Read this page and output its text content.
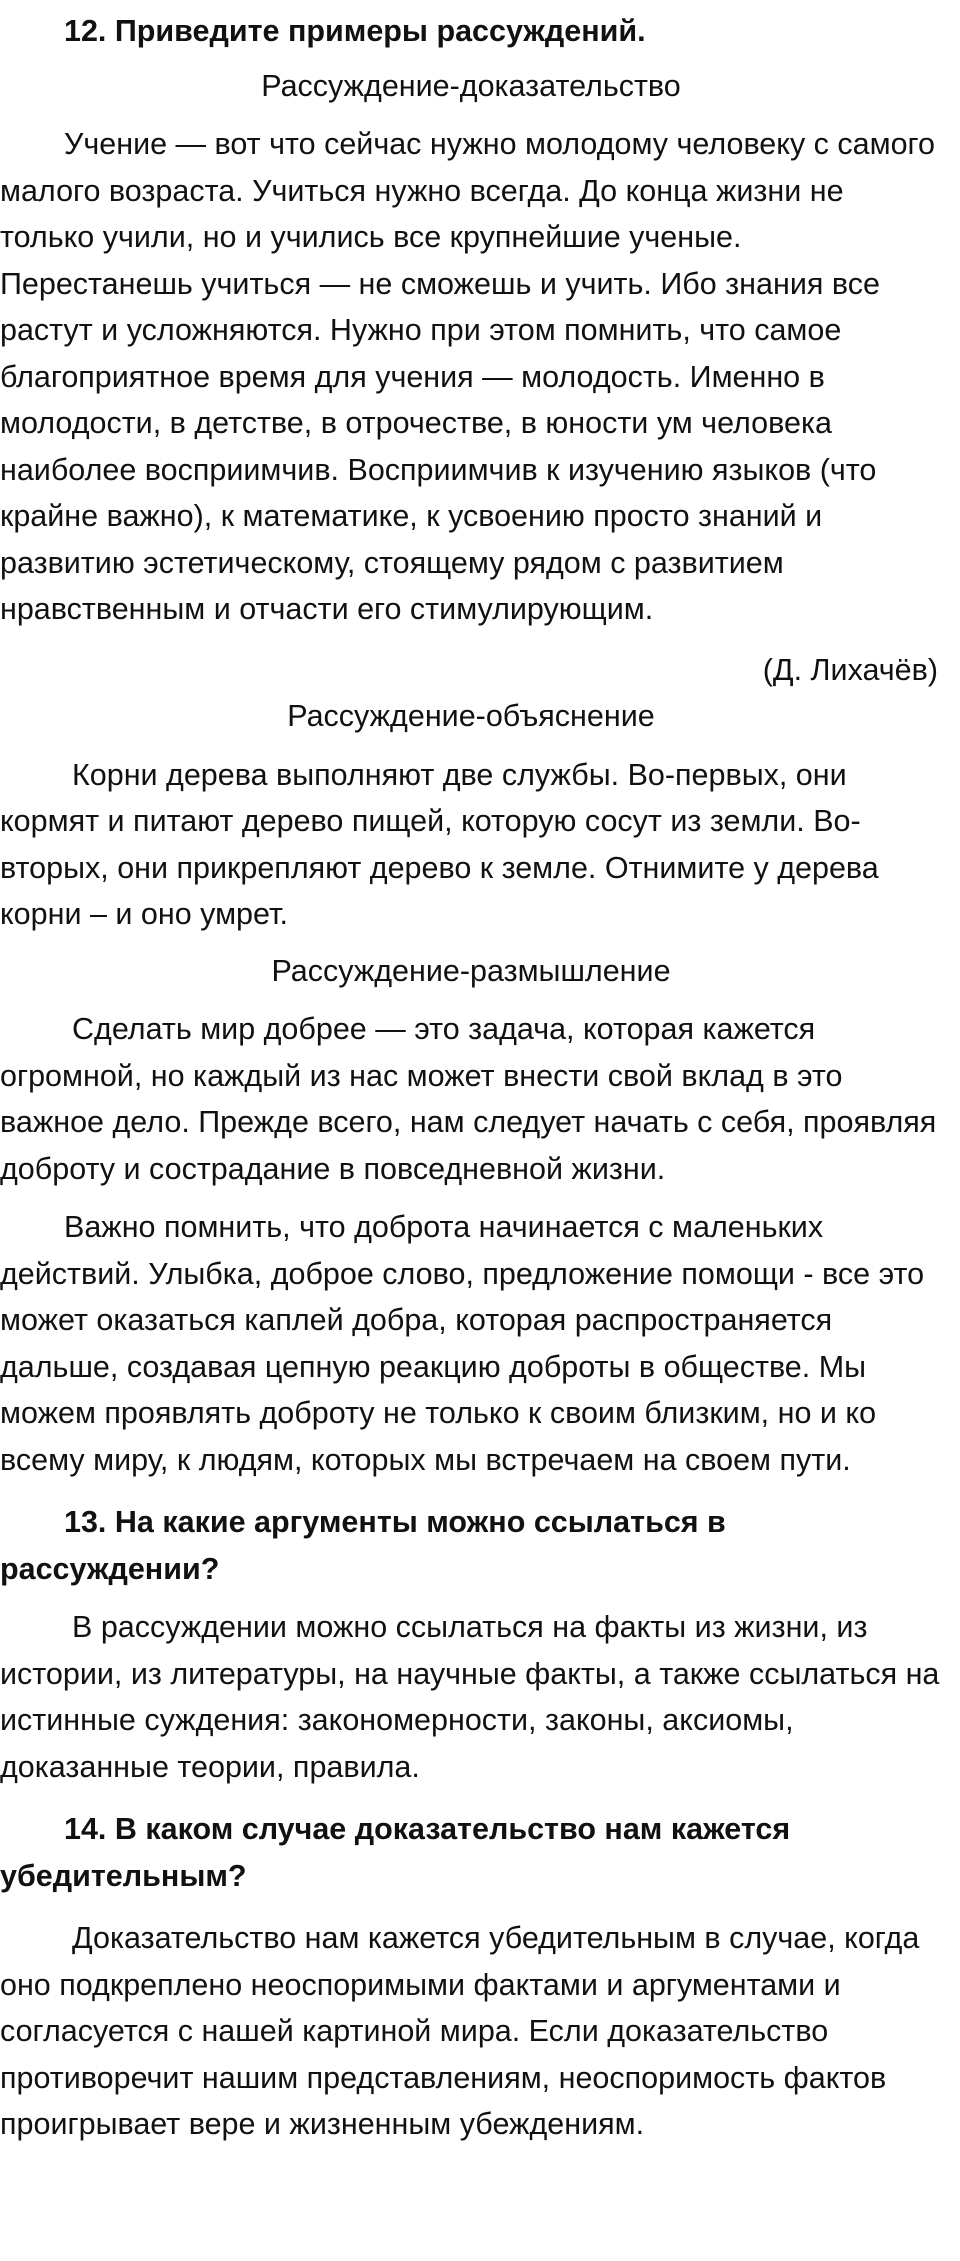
12. Приведите примеры рассуждений.

Рассуждение-доказательство

Учение — вот что сейчас нужно молодому человеку с самого малого возраста. Учиться нужно всегда. До конца жизни не только учили, но и учились все крупнейшие ученые. Перестанешь учиться — не сможешь и учить. Ибо знания все растут и усложняются. Нужно при этом помнить, что самое благоприятное время для учения — молодость. Именно в молодости, в детстве, в отрочестве, в юности ум человека наиболее восприимчив. Восприимчив к изучению языков (что крайне важно), к математике, к усвоению просто знаний и развитию эстетическому, стоящему рядом с развитием нравственным и отчасти его стимулирующим.

(Д. Лихачёв)

Рассуждение-объяснение

Корни дерева выполняют две службы. Во-первых, они кормят и питают дерево пищей, которую сосут из земли. Во-вторых, они прикрепляют дерево к земле. Отнимите у дерева корни – и оно умрет.

Рассуждение-размышление

Сделать мир добрее — это задача, которая кажется огромной, но каждый из нас может внести свой вклад в это важное дело. Прежде всего, нам следует начать с себя, проявляя доброту и сострадание в повседневной жизни.

Важно помнить, что доброта начинается с маленьких действий. Улыбка, доброе слово, предложение помощи - все это может оказаться каплей добра, которая распространяется дальше, создавая цепную реакцию доброты в обществе. Мы можем проявлять доброту не только к своим близким, но и ко всему миру, к людям, которых мы встречаем на своем пути.

13. На какие аргументы можно ссылаться в рассуждении?

В рассуждении можно ссылаться на факты из жизни, из истории, из литературы, на научные факты, а также ссылаться на истинные суждения: закономерности, законы, аксиомы, доказанные теории, правила.

14. В каком случае доказательство нам кажется убедительным?

Доказательство нам кажется убедительным в случае, когда оно подкреплено неоспоримыми фактами и аргументами и согласуется с нашей картиной мира. Если доказательство противоречит нашим представлениям, неоспоримость фактов проигрывает вере и жизненным убеждениям.
